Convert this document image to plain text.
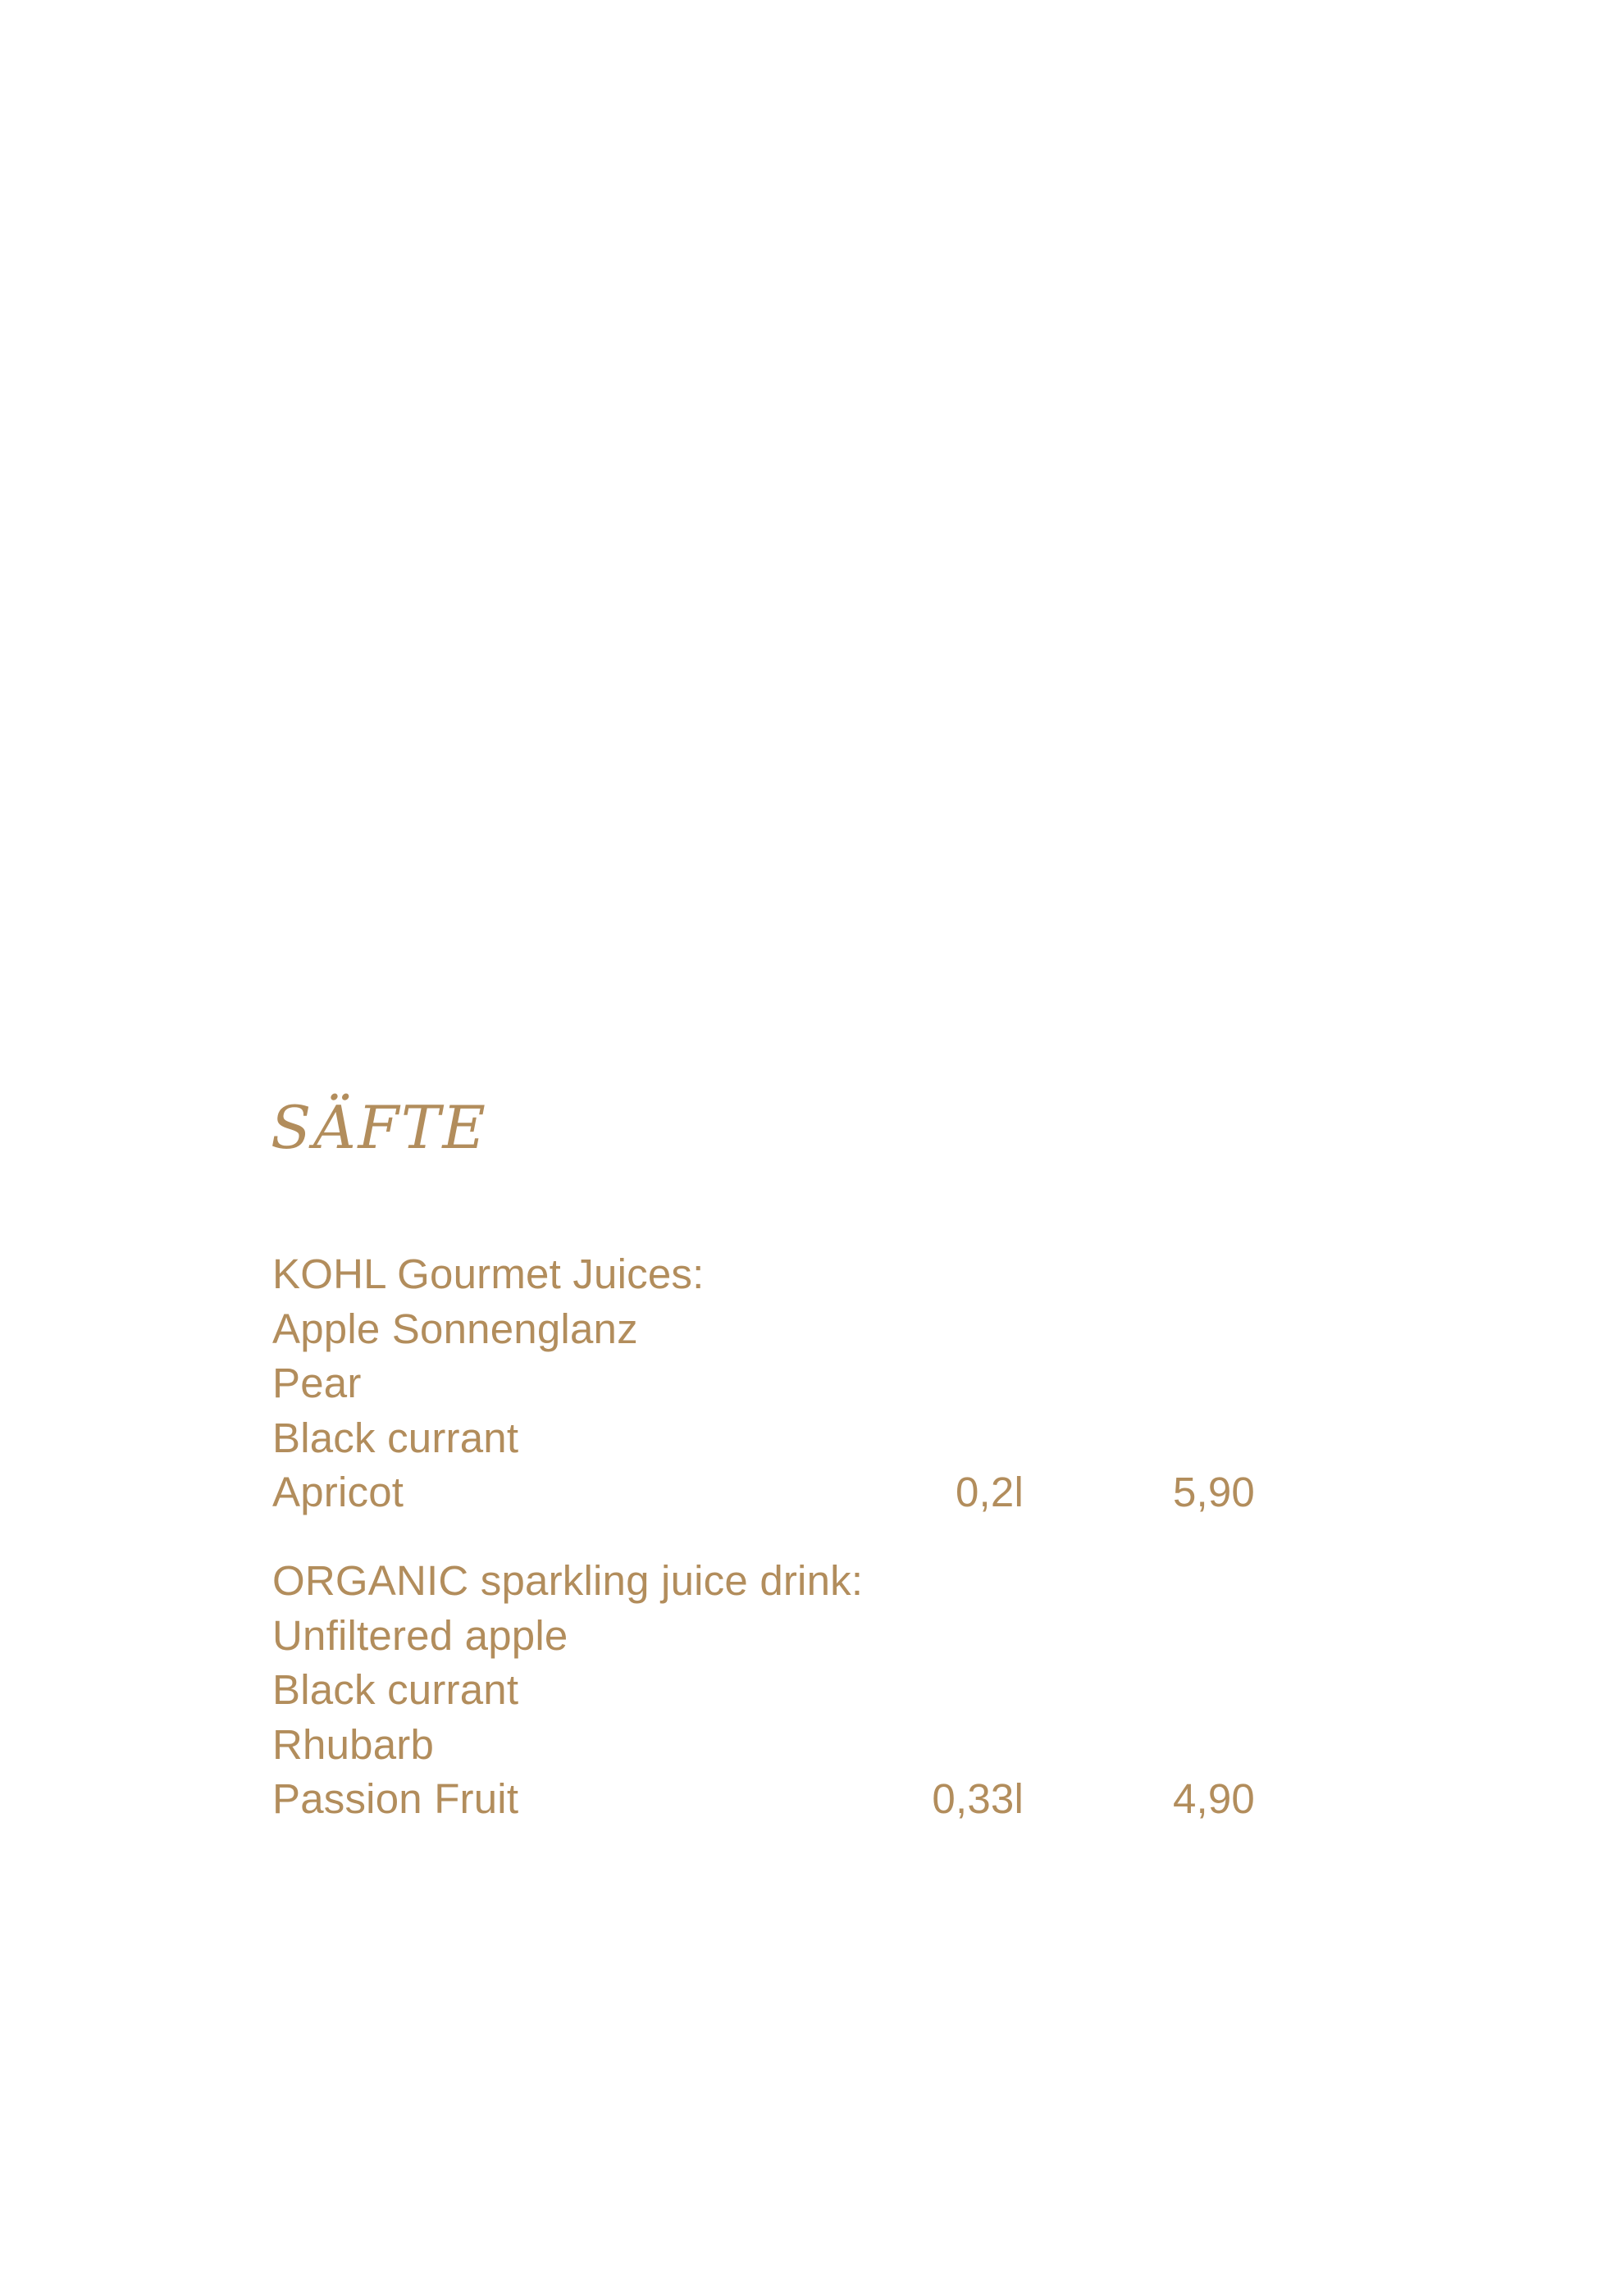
SÄFTE
KOHL Gourmet Juices:
Apple Sonnenglanz
Pear
Black currant
Apricot	0,2l	5,90
ORGANIC sparkling juice drink:
Unfiltered apple
Black currant
Rhubarb
Passion Fruit	0,33l	4,90
